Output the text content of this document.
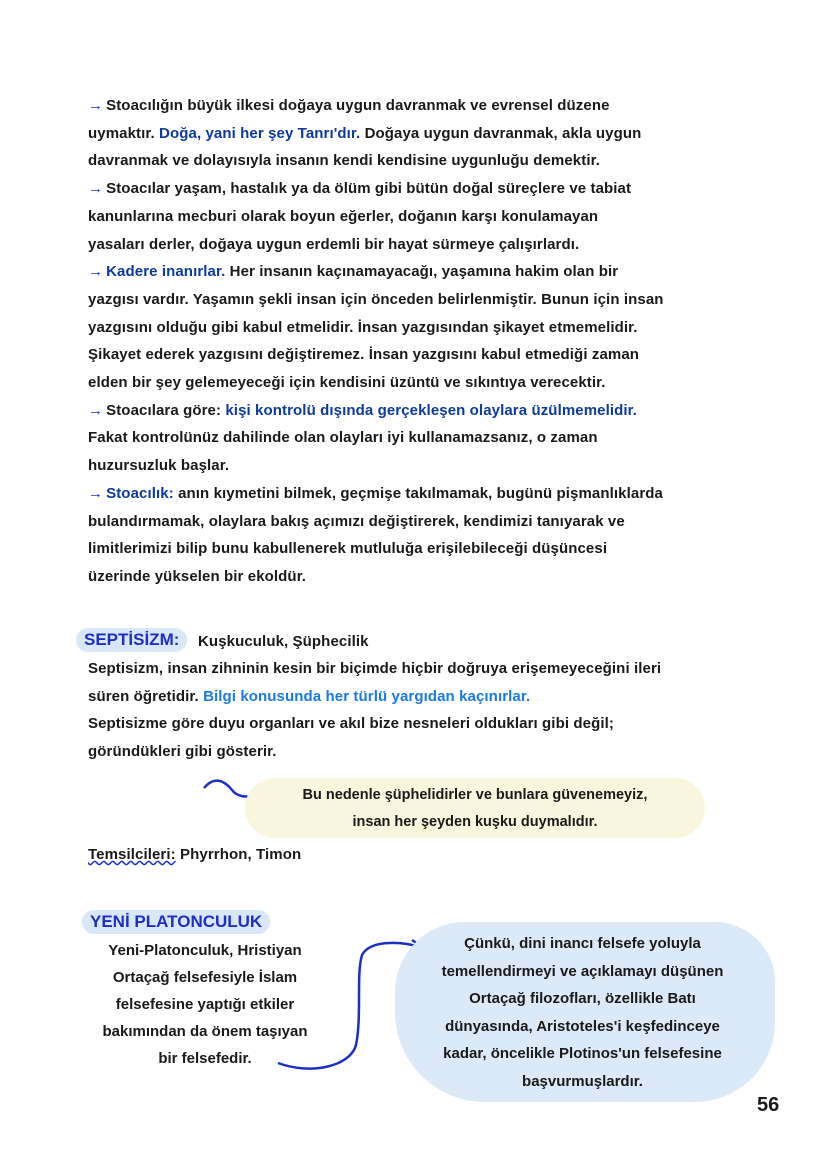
→ Stoacılığın büyük ilkesi doğaya uygun davranmak ve evrensel düzene
uymaktır. Doğa, yani her şey Tanrı'dır. Doğaya uygun davranmak, akla uygun
davranmak ve dolayısıyla insanın kendi kendisine uygunluğu demektir.
→ Stoacılar yaşam, hastalık ya da ölüm gibi bütün doğal süreçlere ve tabiat
kanunlarına mecburi olarak boyun eğerler, doğanın karşı konulamayan
yasaları derler, doğaya uygun erdemli bir hayat sürmeye çalışırlardı.
→ Kadere inanırlar. Her insanın kaçınamayacağı, yaşamına hakim olan bir
yazgısı vardır. Yaşamın şekli insan için önceden belirlenmiştir. Bunun için insan
yazgısını olduğu gibi kabul etmelidir. İnsan yazgısından şikayet etmemelidir.
Şikayet ederek yazgısını değiştiremez. İnsan yazgısını kabul etmediği zaman
elden bir şey gelemeyeceği için kendisini üzüntü ve sıkıntıya verecektir.
→ Stoacılara göre: kişi kontrolü dışında gerçekleşen olaylara üzülmemelidir.
Fakat kontrolünüz dahilinde olan olayları iyi kullanamazsanız, o zaman
huzursuzluk başlar.
→ Stoacılık: anın kıymetini bilmek, geçmişe takılmamak, bugünü pişmanlıklarda
bulandırmamak, olaylara bakış açımızı değiştirerek, kendimizi tanıyarak ve
limitlerimizi bilip bunu kabullenerek mutluluğa erişilebileceği düşüncesi
üzerinde yükselen bir ekoldür.
SEPTİSİZM:	Kuşkuculuk, Şüphecilik
Septisizm, insan zihninin kesin bir biçimde hiçbir doğruya erişemeyeceğini ileri
süren öğretidir. Bilgi konusunda her türlü yargıdan kaçınırlar.
Septisizme göre duyu organları ve akıl bize nesneleri oldukları gibi değil;
göründükleri gibi gösterir.
Bu nedenle şüphelidirler ve bunlara güvenemeyiz,
insan her şeyden kuşku duymalıdır.
Temsilcileri: Phyrrhon, Timon
YENİ PLATONCULUK
Yeni-Platonculuk, Hristiyan
Ortaçağ felsefesiyle İslam
felsefesine yaptığı etkiler
bakımından da önem taşıyan
bir felsefedir.
Çünkü, dini inancı felsefe yoluyla
temellendirmeyi ve açıklamayı düşünen
Ortaçağ filozofları, özellikle Batı
dünyasında, Aristoteles'i keşfedinceye
kadar, öncelikle Plotinos'un felsefesine
başvurmuşlardır.
56
